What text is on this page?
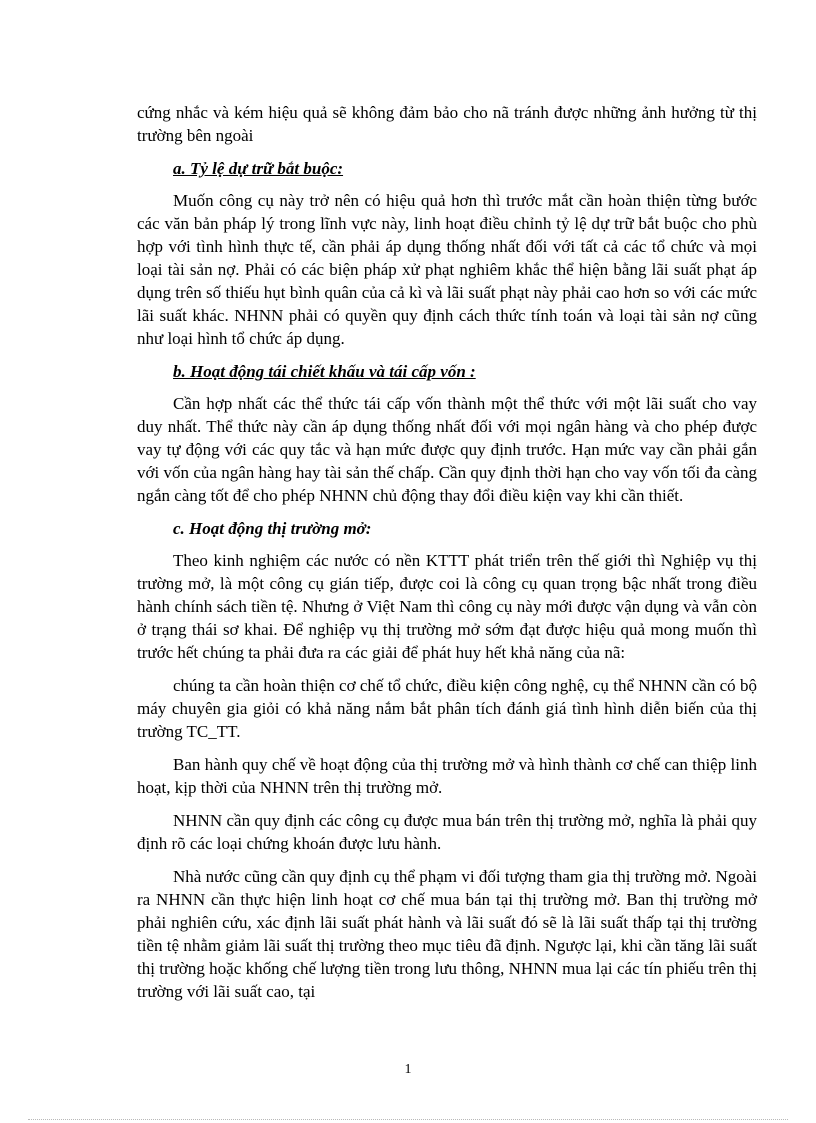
cứng nhắc và kém hiệu quả sẽ không đảm bảo cho nã tránh được những ảnh hưởng từ thị trường bên ngoài

a. Tỷ lệ dự trữ bắt buộc:

Muốn công cụ này trở nên có hiệu quả hơn thì trước mắt cần hoàn thiện từng bước các văn bản pháp lý trong lĩnh vực này, linh hoạt điều chỉnh tỷ lệ dự trữ bắt buộc cho phù hợp với tình hình thực tế, cần phải áp dụng thống nhất đối với tất cả các tổ chức và mọi loại tài sản nợ. Phải có các biện pháp xử phạt nghiêm khắc thể hiện bằng lãi suất phạt áp dụng trên số thiếu hụt bình quân của cả kì và lãi suất phạt này phải cao hơn so với các mức lãi suất khác. NHNN phải có quyền quy định cách thức tính toán và loại tài sản nợ cũng như loại hình tổ chức áp dụng.

b. Hoạt động tái chiết khấu và tái cấp vốn :

Cần hợp nhất các thể thức tái cấp vốn thành một thể thức với một lãi suất cho vay duy nhất. Thể thức này cần áp dụng thống nhất đối với mọi ngân hàng và cho phép được vay tự động với các quy tắc và hạn mức được quy định trước. Hạn mức vay cần phải gắn với vốn của ngân hàng hay tài sản thế chấp. Cần quy định thời hạn cho vay vốn tối đa càng ngắn càng tốt để cho phép NHNN chủ động thay đổi điều kiện vay khi cần thiết.

c. Hoạt động thị trường mở:

Theo kinh nghiệm các nước có nền KTTT phát triển trên thế giới thì Nghiệp vụ thị trường mở, là một công cụ gián tiếp, được coi là công cụ quan trọng bậc nhất trong điều hành chính sách tiền tệ. Nhưng ở Việt Nam thì công cụ này mới được vận dụng và vẫn còn ở trạng thái sơ khai. Để nghiệp vụ thị trường mở sớm đạt được hiệu quả mong muốn thì trước hết chúng ta phải đưa ra các giải để phát huy hết khả năng của nã:

chúng ta cần hoàn thiện cơ chế tổ chức, điều kiện công nghệ, cụ thể NHNN cần có bộ máy chuyên gia giỏi có khả năng nắm bắt phân tích đánh giá tình hình diễn biến của thị trường TC_TT.

Ban hành quy chế về hoạt động của thị trường mở và hình thành cơ chế can thiệp linh hoạt, kịp thời của NHNN trên thị trường mở.

NHNN cần quy định các công cụ được mua bán trên thị trường mở, nghĩa là phải quy định rõ các loại chứng khoán được lưu hành.

Nhà nước cũng cần quy định cụ thể phạm vi đối tượng tham gia thị trường mở. Ngoài ra NHNN cần thực hiện linh hoạt cơ chế mua bán tại thị trường mở. Ban thị trường mở phải nghiên cứu, xác định lãi suất phát hành và lãi suất đó sẽ là lãi suất thấp tại thị trường tiền tệ nhằm giảm lãi suất thị trường theo mục tiêu đã định. Ngược lại, khi cần tăng lãi suất thị trường hoặc khống chế lượng tiền trong lưu thông, NHNN mua lại các tín phiếu trên thị trường với lãi suất cao, tại

1
